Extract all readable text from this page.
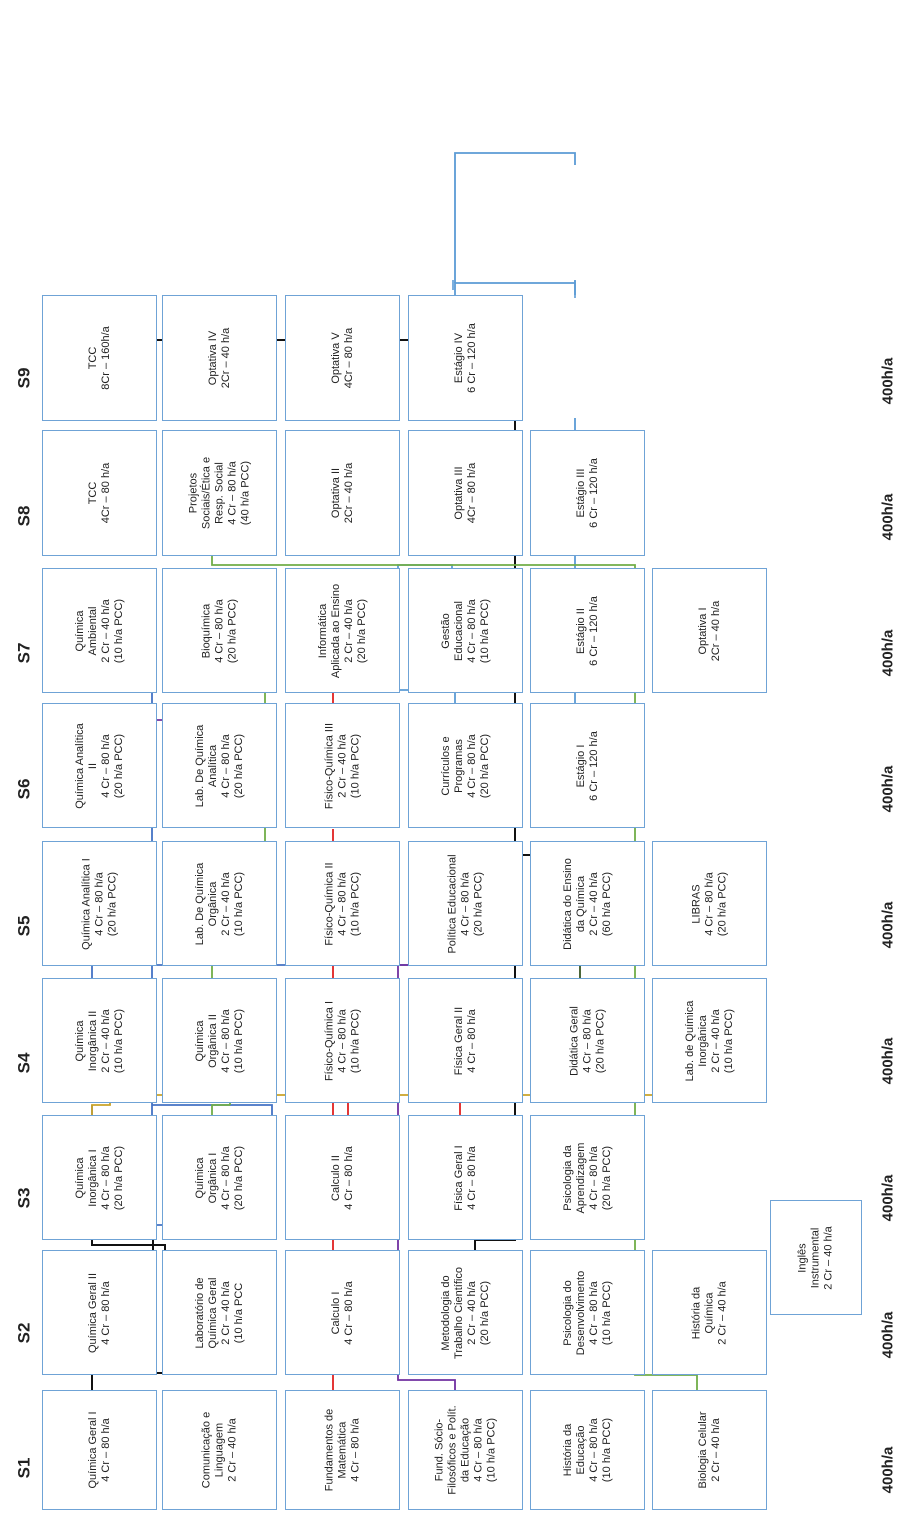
Química Geral I 4 Cr – 80 h/a	Comunicação e Linguagem 2 Cr – 40 h/a	Fundamentos de Matemática 4 Cr – 80 h/a	Fund. Sócio- Filosóficos e Polít. da Educação 4 Cr – 80 h/a (10 h/a PCC)	História da Educação 4 Cr – 80 h/a (10 h/a PCC)	Biologia Celular 2 Cr – 40 h/a
Química Geral II 4 Cr – 80 h/a	Laboratório de Química Geral 2 Cr – 40 h/a (10 h/a PCC	Calculo I 4 Cr – 80 h/a	Metodologia do Trabalho Científico 2 Cr – 40 h/a (20 h/a PCC)	Psicologia do Desenvolvimento 4 Cr – 80 h/a (10 h/a PCC)	História da Química 2 Cr – 40 h/a
Inglês Instrumental 2 Cr – 40 h/a
Química Inorgânica I 4 Cr – 80 h/a (20 h/a PCC)	Química Orgânica I 4 Cr – 80 h/a (20 h/a PCC)	Calculo II 4 Cr – 80 h/a	Física Geral I 4 Cr – 80 h/a	Psicologia da Aprendizagem 4 Cr – 80 h/a (20 h/a PCC)
Química Inorgânica II 2 Cr – 40 h/a (10 h/a PCC)	Química Orgânica II 4 Cr – 80 h/a (10 h/a PCC)	Físico-Química I 4 Cr – 80 h/a (10 h/a PCC)	Física Geral II 4 Cr – 80 h/a	Didática Geral 4 Cr – 80 h/a (20 h/a PCC)	Lab. de Química Inorgânica 2 Cr – 40 h/a (10 h/a PCC)
Química Analítica I 4 Cr – 80 h/a (20 h/a PCC)	Lab. De Química Orgânica 2 Cr – 40 h/a (10 h/a PCC)	Físico-Química II 4 Cr – 80 h/a (10 h/a PCC)	Política Educacional 4 Cr – 80 h/a (20 h/a PCC)	Didática do Ensino da Química 2 Cr – 40 h/a (60 h/a PCC)	LIBRAS 4 Cr – 80 h/a (20 h/a PCC)
Química Analítica II 4 Cr – 80 h/a (20 h/a PCC)	Lab. De Química Analítica 4 Cr – 80 h/a (20 h/a PCC)	Físico-Química III 2 Cr – 40 h/a (10 h/a PCC)	Currículos e Programas 4 Cr – 80 h/a (20 h/a PCC)	Estágio I 6 Cr – 120 h/a
Química Ambiental 2 Cr – 40 h/a (10 h/a PCC)	Bioquímica 4 Cr – 80 h/a (20 h/a PCC)	Informática Aplicada ao Ensino 2 Cr – 40 h/a (20 h/a PCC)	Gestão Educacional 4 Cr – 80 h/a (10 h/a PCC)	Estágio II 6 Cr – 120 h/a	Optativa I 2Cr – 40 h/a
TCC 4Cr – 80 h/a	Projetos Sociais/Ética e Resp. Social 4 Cr – 80 h/a (40 h/a PCC)	Optativa II 2Cr – 40 h/a	Optativa III 4Cr – 80 h/a	Estágio III 6 Cr – 120 h/a
TCC 8Cr – 160h/a	Optativa IV 2Cr – 40 h/a	Optativa V 4Cr – 80 h/a	Estágio IV 6 Cr – 120 h/a
S1
S2
S3
S4
S5
S6
S7
S8
S9
400h/a
400h/a
400h/a
400h/a
400h/a
400h/a
400h/a
400h/a
400h/a
